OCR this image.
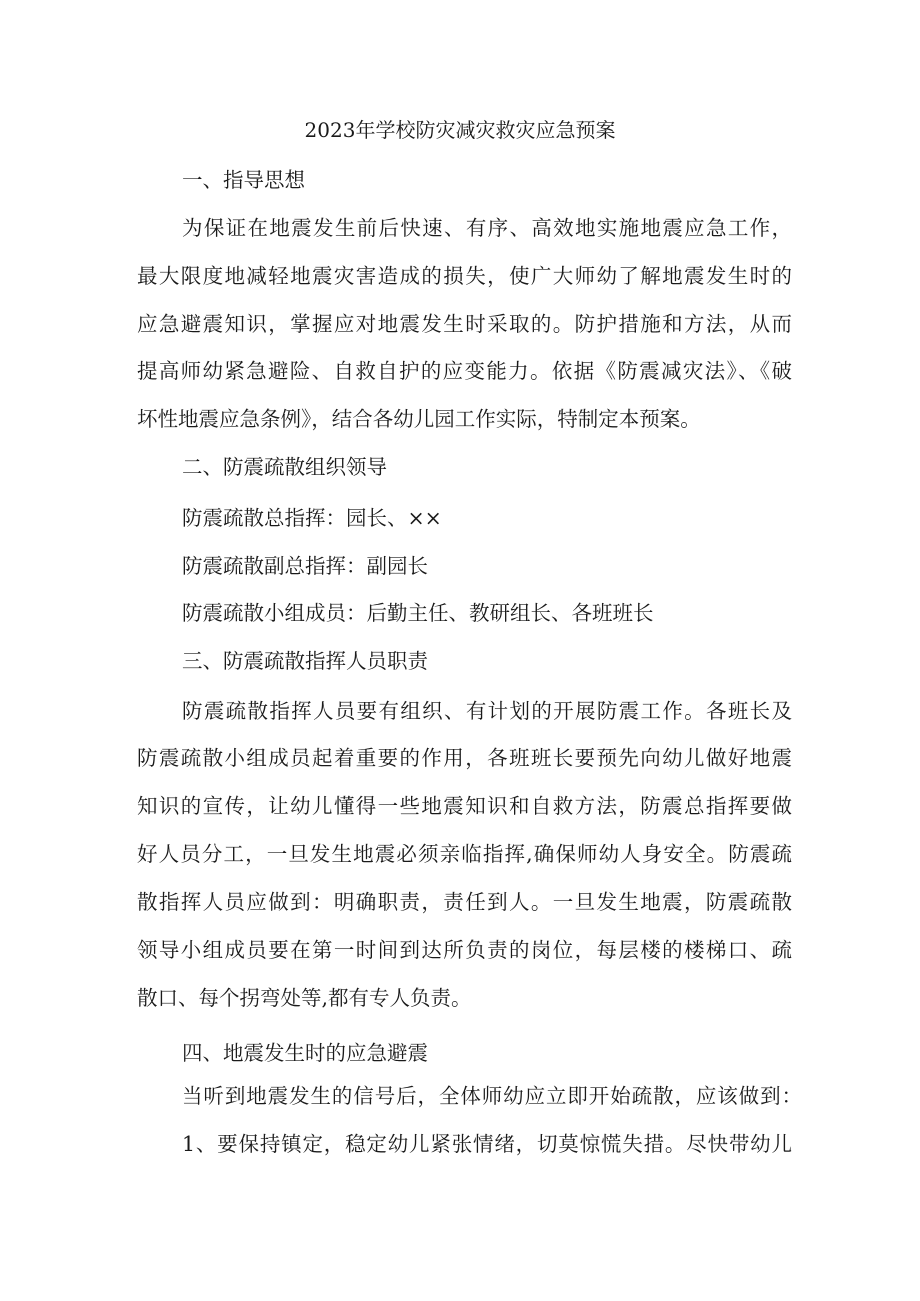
2023年学校防灾减灾救灾应急预案
一、指导思想
为保证在地震发生前后快速、有序、高效地实施地震应急工作，
最大限度地减轻地震灾害造成的损失，使广大师幼了解地震发生时的
应急避震知识，掌握应对地震发生时采取的。防护措施和方法，从而
提高师幼紧急避险、自救自护的应变能力。依据《防震减灾法》、《破
坏性地震应急条例》，结合各幼儿园工作实际，特制定本预案。
二、防震疏散组织领导
防震疏散总指挥：园长、××
防震疏散副总指挥：副园长
防震疏散小组成员：后勤主任、教研组长、各班班长
三、防震疏散指挥人员职责
防震疏散指挥人员要有组织、有计划的开展防震工作。各班长及
防震疏散小组成员起着重要的作用，各班班长要预先向幼儿做好地震
知识的宣传，让幼儿懂得一些地震知识和自救方法，防震总指挥要做
好人员分工，一旦发生地震必须亲临指挥,确保师幼人身安全。防震疏
散指挥人员应做到：明确职责，责任到人。一旦发生地震，防震疏散
领导小组成员要在第一时间到达所负责的岗位，每层楼的楼梯口、疏
散口、每个拐弯处等,都有专人负责。
四、地震发生时的应急避震
当听到地震发生的信号后，全体师幼应立即开始疏散，应该做到：
1、要保持镇定，稳定幼儿紧张情绪，切莫惊慌失措。尽快带幼儿
